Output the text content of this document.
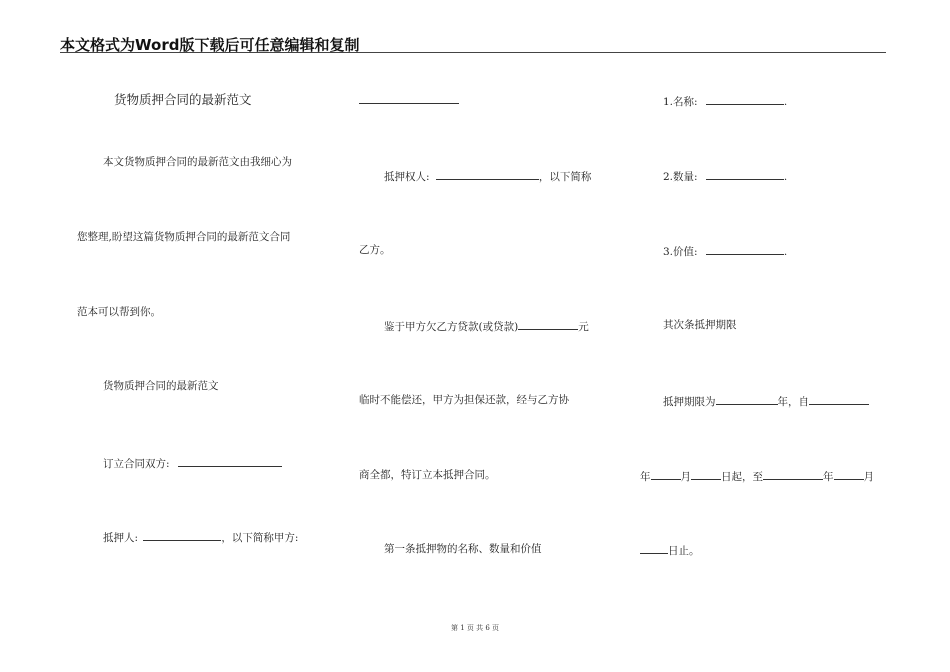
本文格式为Word版下载后可任意编辑和复制
货物质押合同的最新范文
本文货物质押合同的最新范文由我细心为
您整理,盼望这篇货物质押合同的最新范文合同
范本可以帮到你。
货物质押合同的最新范文
订立合同双方:
抵押人:	，以下简称甲方:
抵押权人:	，以下简称
乙方。
鉴于甲方欠乙方贷款(或贷款)	元
临时不能偿还，甲方为担保还款，经与乙方协
商全都，特订立本抵押合同。
第一条抵押物的名称、数量和价值
1.名称:	.
2.数量:	.
3.价值:	.
其次条抵押期限
抵押期限为	年，自
年	月	日起，至	年	月
日止。
第 1 页 共 6 页
